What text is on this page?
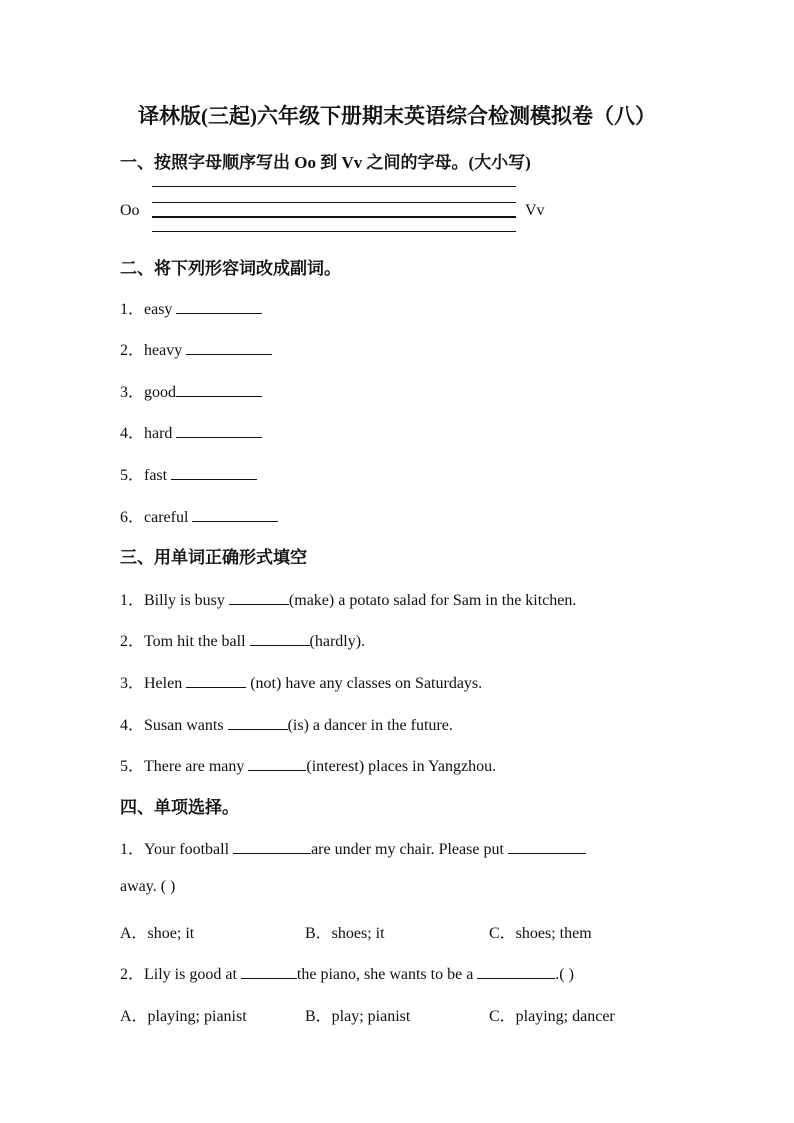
译林版(三起)六年级下册期末英语综合检测模拟卷（八）
一、按照字母顺序写出 Oo 到 Vv 之间的字母。(大小写)
Oo	Vv
二、将下列形容词改成副词。
1．easy
2．heavy
3．good
4．hard
5．fast
6．careful
三、用单词正确形式填空
1．Billy is busy	(make) a potato salad for Sam in the kitchen.
2．Tom hit the ball	(hardly).
3．Helen	(not) have any classes on Saturdays.
4．Susan wants	(is) a dancer in the future.
5．There are many	(interest) places in Yangzhou.
四、单项选择。
1．Your football	are under my chair. Please put
away. ( )
A．shoe; it	B．shoes; it	C．shoes; them
2．Lily is good at	the piano, she wants to be a	.( )
A．playing; pianist	B．play; pianist	C．playing; dancer
